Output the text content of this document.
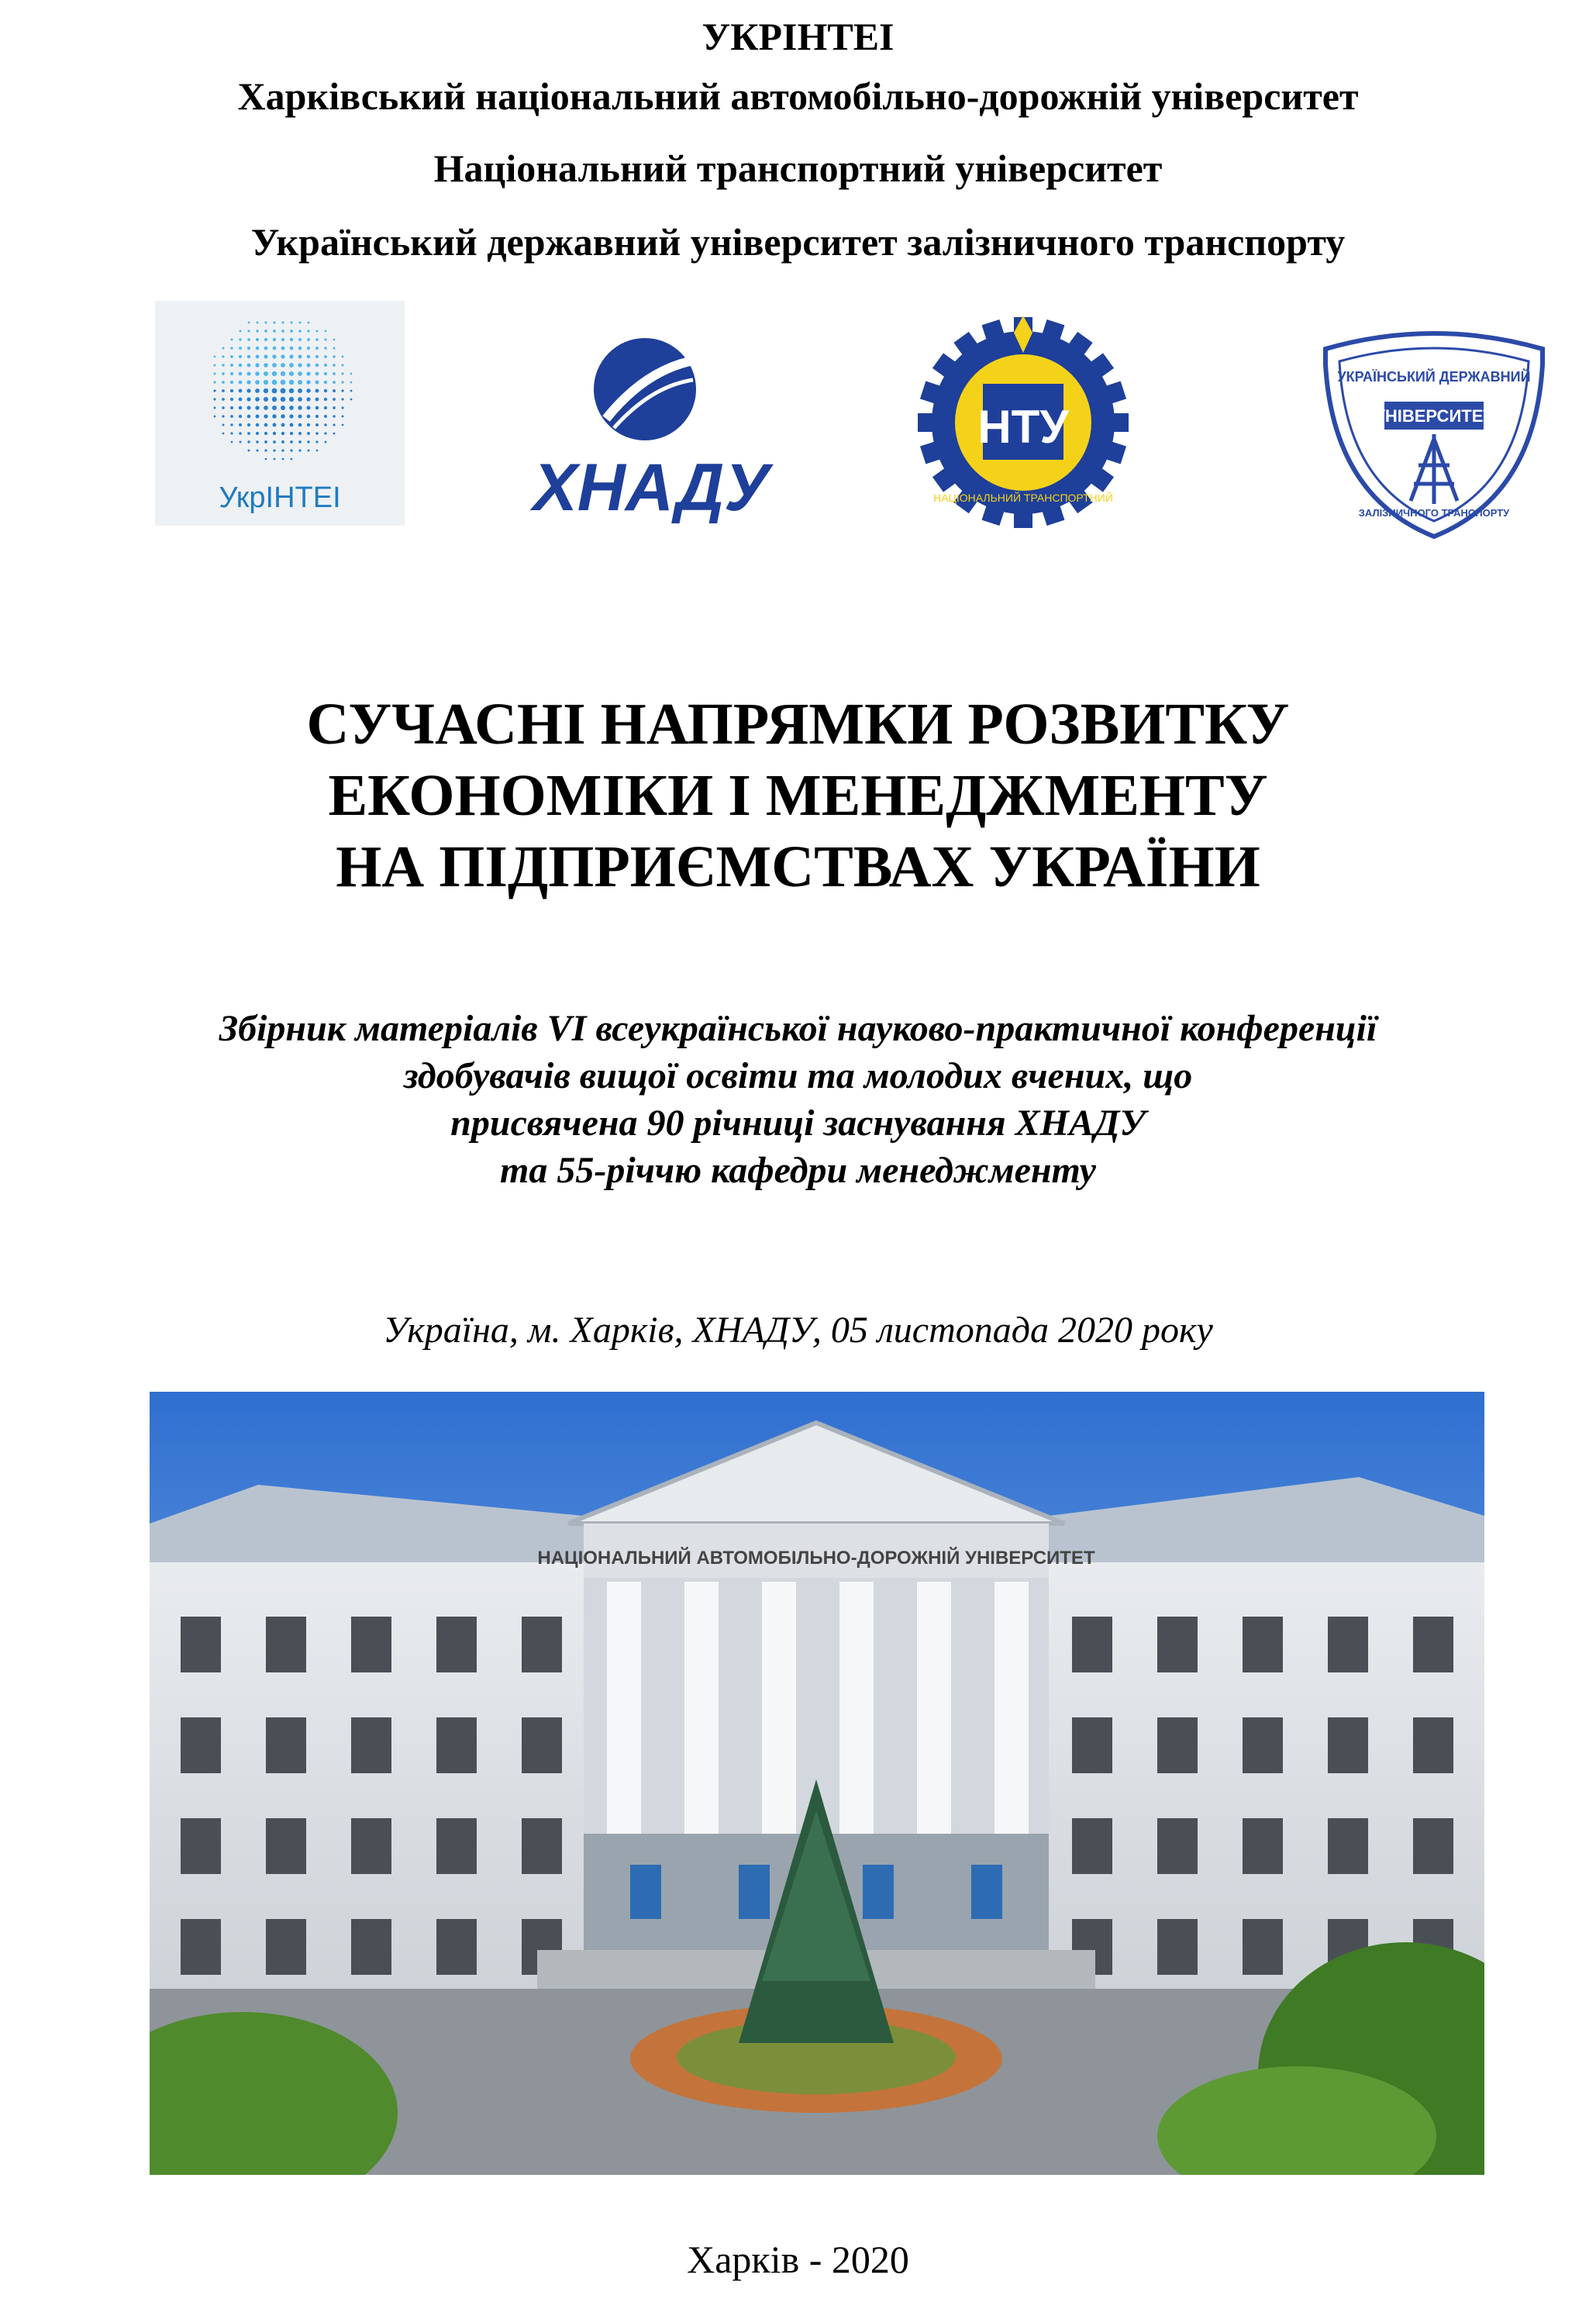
УКРІНТЕІ
Харківський національний автомобільно-дорожній університет
Національний транспортний університет
Український державний університет залізничного транспорту
УкрІНТЕІ	ХНАДУ
НТУ
НАЦІОНАЛЬНИЙ ТРАНСПОРТНИЙ
УНІВЕРСИТЕТ
УКРАЇНСЬКИЙ ДЕРЖАВНИЙ
ЗАЛІЗНИЧНОГО ТРАНСПОРТУ
СУЧАСНІ НАПРЯМКИ РОЗВИТКУ
ЕКОНОМІКИ І МЕНЕДЖМЕНТУ
НА ПІДПРИЄМСТВАХ УКРАЇНИ
Збірник матеріалів VI всеукраїнської науково-практичної конференції
здобувачів вищої освіти та молодих вчених, що
присвячена 90 річниці заснування ХНАДУ
та 55-річчю кафедри менеджменту
Україна, м. Харків, ХНАДУ, 05 листопада 2020 року
НАЦІОНАЛЬНИЙ АВТОМОБІЛЬНО-ДОРОЖНІЙ УНІВЕРСИТЕТ
Харків - 2020
